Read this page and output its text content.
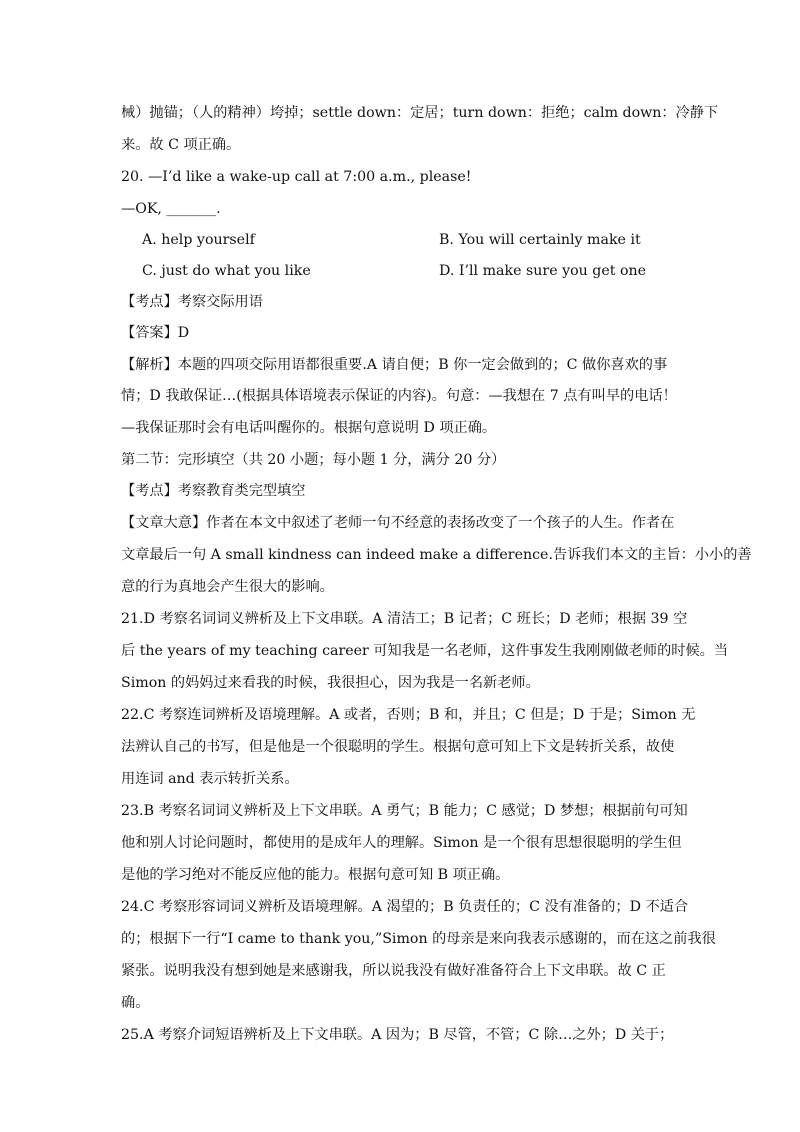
械）抛锚；（人的精神）垮掉；settle down：定居；turn down：拒绝；calm down：冷静下

来。故 C 项正确。

20. —I’d like a wake-up call at 7:00 a.m., please!

—OK, _______.

A. help yourself	B. You will certainly make it
C. just do what you like	D. I’ll make sure you get one

【考点】考察交际用语

【答案】D

【解析】本题的四项交际用语都很重要.A 请自便；B 你一定会做到的；C 做你喜欢的事

情；D 我敢保证…(根据具体语境表示保证的内容)。句意：—我想在 7 点有叫早的电话！

—我保证那时会有电话叫醒你的。根据句意说明 D 项正确。

第二节：完形填空（共 20 小题；每小题 1 分，满分 20 分）

【考点】考察教育类完型填空

【文章大意】作者在本文中叙述了老师一句不经意的表扬改变了一个孩子的人生。作者在

文章最后一句 A small kindness can indeed make a difference.告诉我们本文的主旨：小小的善

意的行为真地会产生很大的影响。

21.D 考察名词词义辨析及上下文串联。A 清洁工；B 记者；C 班长；D 老师；根据 39 空

后 the years of my teaching career 可知我是一名老师，这件事发生我刚刚做老师的时候。当

Simon 的妈妈过来看我的时候，我很担心，因为我是一名新老师。

22.C 考察连词辨析及语境理解。A 或者，否则；B 和，并且；C 但是；D 于是；Simon 无

法辨认自己的书写，但是他是一个很聪明的学生。根据句意可知上下文是转折关系，故使

用连词 and 表示转折关系。

23.B 考察名词词义辨析及上下文串联。A 勇气；B 能力；C 感觉；D 梦想；根据前句可知

他和别人讨论问题时，都使用的是成年人的理解。Simon 是一个很有思想很聪明的学生但

是他的学习绝对不能反应他的能力。根据句意可知 B 项正确。

24.C 考察形容词词义辨析及语境理解。A 渴望的；B 负责任的；C 没有准备的；D 不适合

的；根据下一行“I came to thank you,”Simon 的母亲是来向我表示感谢的，而在这之前我很

紧张。说明我没有想到她是来感谢我，所以说我没有做好准备符合上下文串联。故 C 正

确。

25.A 考察介词短语辨析及上下文串联。A 因为；B 尽管，不管；C 除…之外；D 关于；
